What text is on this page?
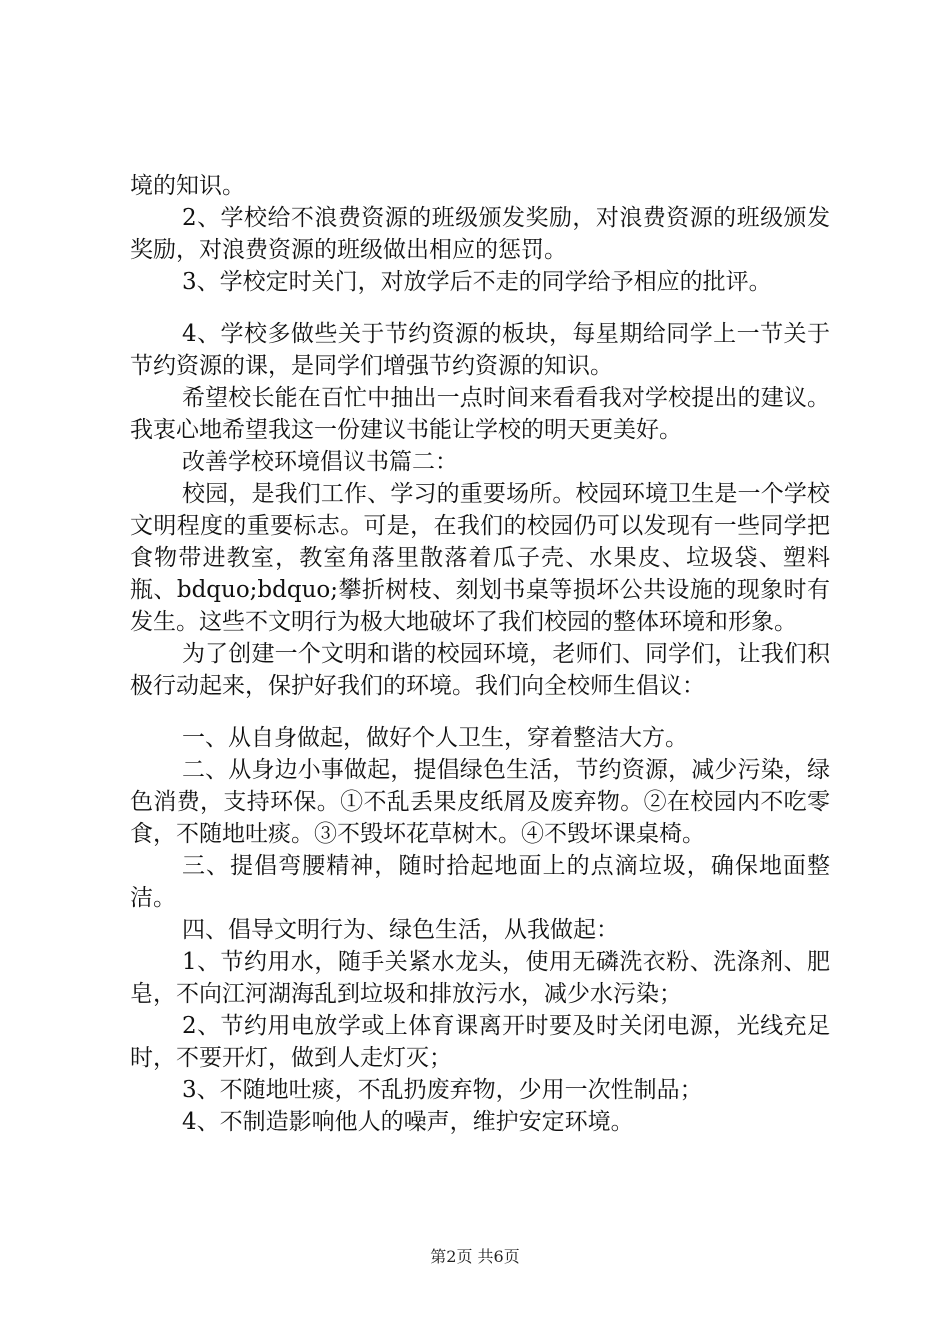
境的知识。

2、学校给不浪费资源的班级颁发奖励，对浪费资源的班级颁发奖励，对浪费资源的班级做出相应的惩罚。

3、学校定时关门，对放学后不走的同学给予相应的批评。

4、学校多做些关于节约资源的板块，每星期给同学上一节关于节约资源的课，是同学们增强节约资源的知识。

希望校长能在百忙中抽出一点时间来看看我对学校提出的建议。我衷心地希望我这一份建议书能让学校的明天更美好。

改善学校环境倡议书篇二：

校园，是我们工作、学习的重要场所。校园环境卫生是一个学校文明程度的重要标志。可是，在我们的校园仍可以发现有一些同学把食物带进教室，教室角落里散落着瓜子壳、水果皮、垃圾袋、塑料瓶、bdquo;bdquo;攀折树枝、刻划书桌等损坏公共设施的现象时有发生。这些不文明行为极大地破坏了我们校园的整体环境和形象。

为了创建一个文明和谐的校园环境，老师们、同学们，让我们积极行动起来，保护好我们的环境。我们向全校师生倡议：

一、从自身做起，做好个人卫生，穿着整洁大方。

二、从身边小事做起，提倡绿色生活，节约资源，减少污染，绿色消费，支持环保。①不乱丢果皮纸屑及废弃物。②在校园内不吃零食，不随地吐痰。③不毁坏花草树木。④不毁坏课桌椅。

三、提倡弯腰精神，随时拾起地面上的点滴垃圾，确保地面整洁。

四、倡导文明行为、绿色生活，从我做起：

1、节约用水，随手关紧水龙头，使用无磷洗衣粉、洗涤剂、肥皂，不向江河湖海乱到垃圾和排放污水，减少水污染；

2、节约用电放学或上体育课离开时要及时关闭电源，光线充足时，不要开灯，做到人走灯灭；

3、不随地吐痰，不乱扔废弃物，少用一次性制品；

4、不制造影响他人的噪声，维护安定环境。

第2页 共6页
